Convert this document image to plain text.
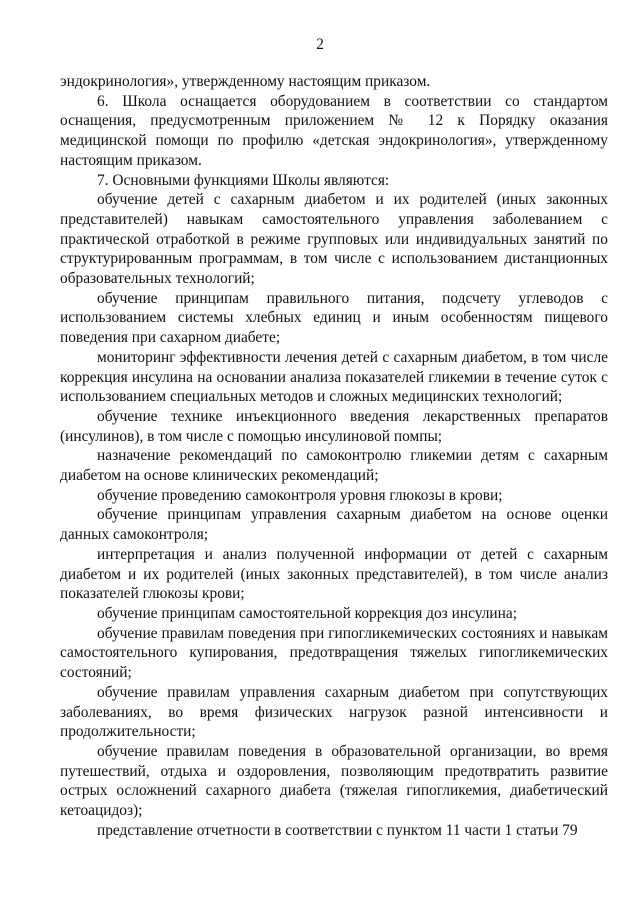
2

эндокринология», утвержденному настоящим приказом.

6. Школа оснащается оборудованием в соответствии со стандартом оснащения, предусмотренным приложением № 12 к Порядку оказания медицинской помощи по профилю «детская эндокринология», утвержденному настоящим приказом.

7. Основными функциями Школы являются:

обучение детей с сахарным диабетом и их родителей (иных законных представителей) навыкам самостоятельного управления заболеванием с практической отработкой в режиме групповых или индивидуальных занятий по структурированным программам, в том числе с использованием дистанционных образовательных технологий;

обучение принципам правильного питания, подсчету углеводов с использованием системы хлебных единиц и иным особенностям пищевого поведения при сахарном диабете;

мониторинг эффективности лечения детей с сахарным диабетом, в том числе коррекция инсулина на основании анализа показателей гликемии в течение суток с использованием специальных методов и сложных медицинских технологий;

обучение технике инъекционного введения лекарственных препаратов (инсулинов), в том числе с помощью инсулиновой помпы;

назначение рекомендаций по самоконтролю гликемии детям с сахарным диабетом на основе клинических рекомендаций;

обучение проведению самоконтроля уровня глюкозы в крови;

обучение принципам управления сахарным диабетом на основе оценки данных самоконтроля;

интерпретация и анализ полученной информации от детей с сахарным диабетом и их родителей (иных законных представителей), в том числе анализ показателей глюкозы крови;

обучение принципам самостоятельной коррекция доз инсулина;

обучение правилам поведения при гипогликемических состояниях и навыкам самостоятельного купирования, предотвращения тяжелых гипогликемических состояний;

обучение правилам управления сахарным диабетом при сопутствующих заболеваниях, во время физических нагрузок разной интенсивности и продолжительности;

обучение правилам поведения в образовательной организации, во время путешествий, отдыха и оздоровления, позволяющим предотвратить развитие острых осложнений сахарного диабета (тяжелая гипогликемия, диабетический кетоацидоз);

представление отчетности в соответствии с пунктом 11 части 1 статьи 79
